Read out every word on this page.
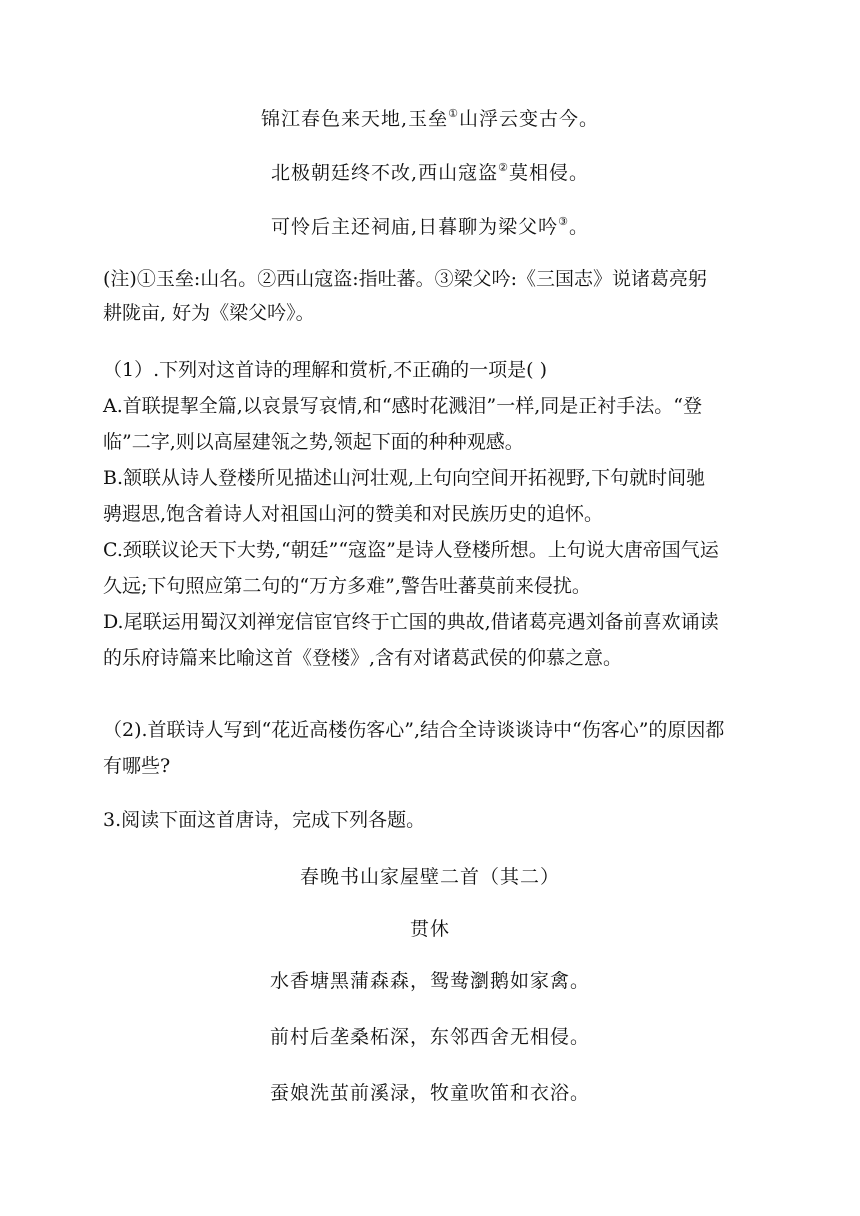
锦江春色来天地,玉垒①山浮云变古今。
北极朝廷终不改,西山寇盗②莫相侵。
可怜后主还祠庙,日暮聊为梁父吟③。
(注)①玉垒:山名。②西山寇盗:指吐蕃。③梁父吟:《三国志》说诸葛亮躬
耕陇亩, 好为《梁父吟》。
（1）.下列对这首诗的理解和赏析,不正确的一项是( )
A.首联提挈全篇,以哀景写哀情,和“感时花溅泪”一样,同是正衬手法。“登
临”二字,则以高屋建瓴之势,领起下面的种种观感。
B.颔联从诗人登楼所见描述山河壮观,上句向空间开拓视野,下句就时间驰
骋遐思,饱含着诗人对祖国山河的赞美和对民族历史的追怀。
C.颈联议论天下大势,“朝廷”“寇盗”是诗人登楼所想。上句说大唐帝国气运
久远;下句照应第二句的“万方多难”,警告吐蕃莫前来侵扰。
D.尾联运用蜀汉刘禅宠信宦官终于亡国的典故,借诸葛亮遇刘备前喜欢诵读
的乐府诗篇来比喻这首《登楼》,含有对诸葛武侯的仰慕之意。
（2).首联诗人写到“花近高楼伤客心”,结合全诗谈谈诗中“伤客心”的原因都
有哪些?
3.阅读下面这首唐诗，完成下列各题。
春晚书山家屋壁二首（其二）
贯休
水香塘黑蒲森森，鸳鸯瀏鹅如家禽。
前村后垄桑柘深，东邻西舍无相侵。
蚕娘洗茧前溪渌，牧童吹笛和衣浴。
